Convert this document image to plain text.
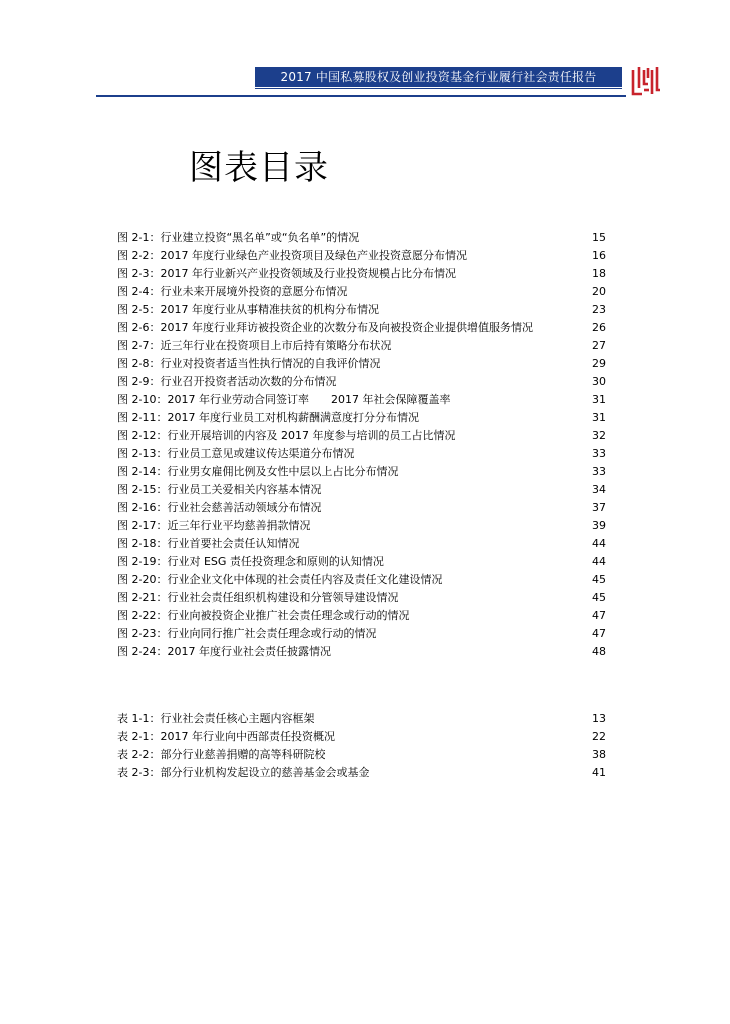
2017 中国私募股权及创业投资基金行业履行社会责任报告
图表目录
图 2-1：行业建立投资“黑名单”或“负名单”的情况	15
图 2-2：2017 年度行业绿色产业投资项目及绿色产业投资意愿分布情况	16
图 2-3：2017 年行业新兴产业投资领域及行业投资规模占比分布情况	18
图 2-4：行业未来开展境外投资的意愿分布情况	20
图 2-5：2017 年度行业从事精准扶贫的机构分布情况	23
图 2-6：2017 年度行业拜访被投资企业的次数分布及向被投资企业提供增值服务情况	26
图 2-7：近三年行业在投资项目上市后持有策略分布状况	27
图 2-8：行业对投资者适当性执行情况的自我评价情况	29
图 2-9：行业召开投资者活动次数的分布情况	30
图 2-10：2017 年行业劳动合同签订率　　2017 年社会保障覆盖率	31
图 2-11：2017 年度行业员工对机构薪酬满意度打分分布情况	31
图 2-12：行业开展培训的内容及 2017 年度参与培训的员工占比情况	32
图 2-13：行业员工意见或建议传达渠道分布情况	33
图 2-14：行业男女雇佣比例及女性中层以上占比分布情况	33
图 2-15：行业员工关爱相关内容基本情况	34
图 2-16：行业社会慈善活动领域分布情况	37
图 2-17：近三年行业平均慈善捐款情况	39
图 2-18：行业首要社会责任认知情况	44
图 2-19：行业对 ESG 责任投资理念和原则的认知情况	44
图 2-20：行业企业文化中体现的社会责任内容及责任文化建设情况	45
图 2-21：行业社会责任组织机构建设和分管领导建设情况	45
图 2-22：行业向被投资企业推广社会责任理念或行动的情况	47
图 2-23：行业向同行推广社会责任理念或行动的情况	47
图 2-24：2017 年度行业社会责任披露情况	48
表 1-1：行业社会责任核心主题内容框架	13
表 2-1：2017 年行业向中西部责任投资概况	22
表 2-2：部分行业慈善捐赠的高等科研院校	38
表 2-3：部分行业机构发起设立的慈善基金会或基金	41
